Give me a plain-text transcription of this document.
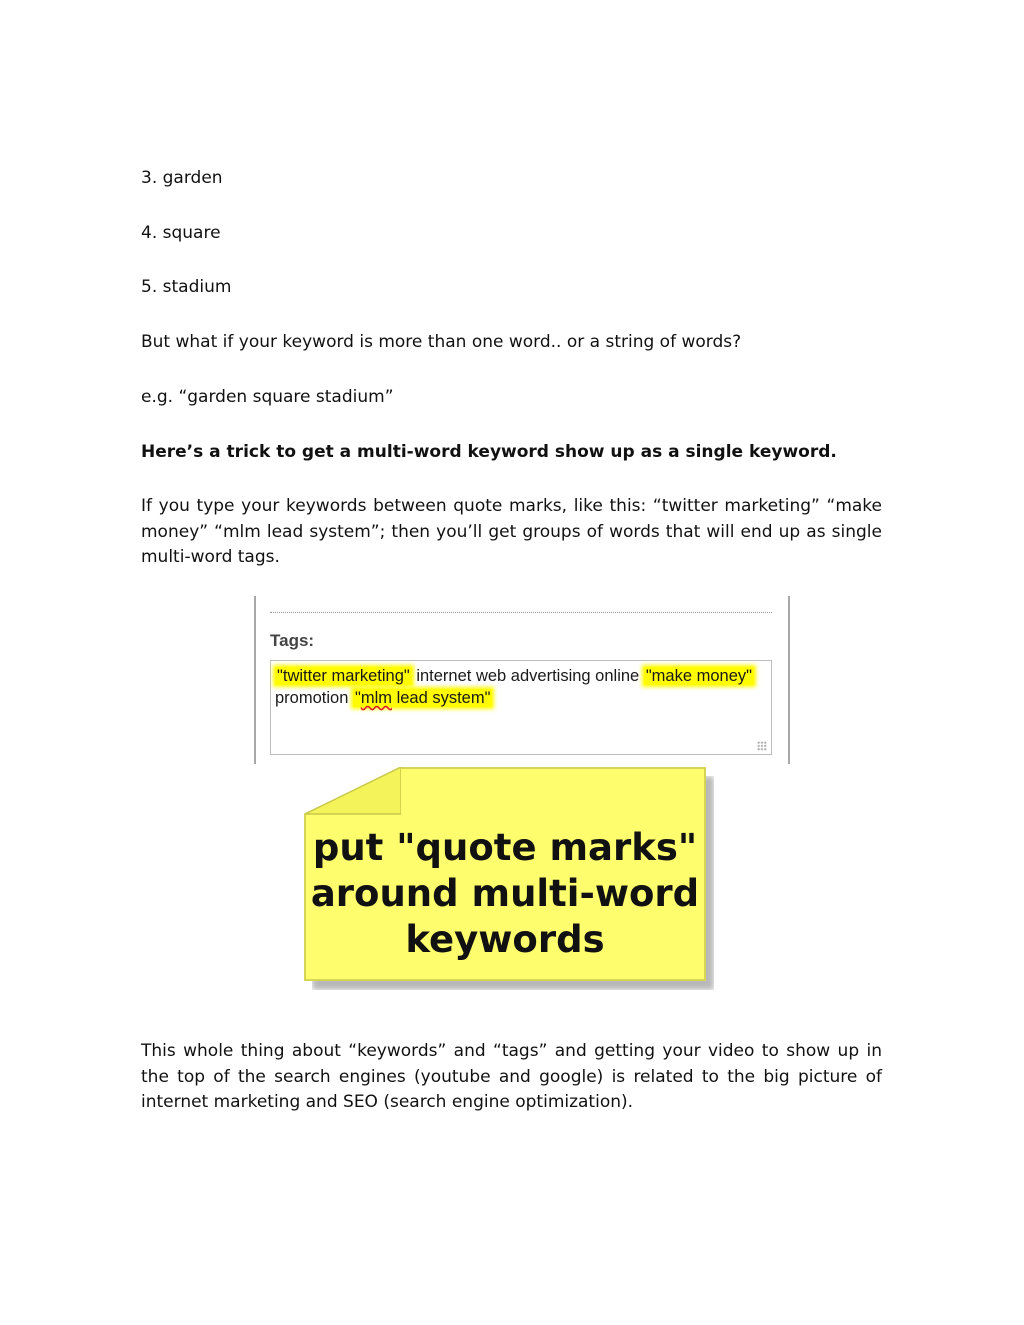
3. garden

4. square

5. stadium

But what if your keyword is more than one word.. or a string of words?

e.g. “garden square stadium”

Here’s a trick to get a multi-word keyword show up as a single keyword.

If you type your keywords between quote marks, like this: “twitter marketing” “make money” “mlm lead system”; then you’ll get groups of words that will end up as single multi-word tags.

Tags:
"twitter marketing" internet web advertising online "make money" promotion "mlm lead system"
put "quote marks"
around multi-word
keywords

This whole thing about “keywords” and “tags” and getting your video to show up in the top of the search engines (youtube and google) is related to the big picture of internet marketing and SEO (search engine optimization).
